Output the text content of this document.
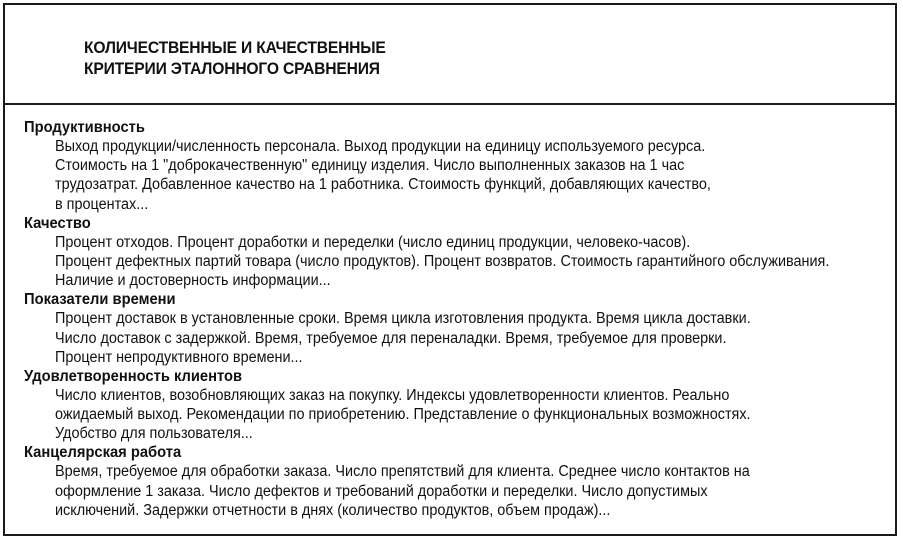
КОЛИЧЕСТВЕННЫЕ И КАЧЕСТВЕННЫЕ
КРИТЕРИИ ЭТАЛОННОГО СРАВНЕНИЯ
Продуктивность
Выход продукции/численность персонала. Выход продукции на единицу используемого ресурса.
Стоимость на 1 "доброкачественную" единицу изделия. Число выполненных заказов на 1 час
трудозатрат. Добавленное качество на 1 работника. Стоимость функций, добавляющих качество,
в процентах...
Качество
Процент отходов. Процент доработки и переделки (число единиц продукции, человеко-часов).
Процент дефектных партий товара (число продуктов). Процент возвратов. Стоимость гарантийного обслуживания.
Наличие и достоверность информации...
Показатели времени
Процент доставок в установленные сроки. Время цикла изготовления продукта. Время цикла доставки.
Число доставок с задержкой. Время, требуемое для переналадки. Время, требуемое для проверки.
Процент непродуктивного времени...
Удовлетворенность клиентов
Число клиентов, возобновляющих заказ на покупку. Индексы удовлетворенности клиентов. Реально
ожидаемый выход. Рекомендации по приобретению. Представление о функциональных возможностях.
Удобство для пользователя...
Канцелярская работа
Время, требуемое для обработки заказа. Число препятствий для клиента. Среднее число контактов на
оформление 1 заказа. Число дефектов и требований доработки и переделки. Число допустимых
исключений. Задержки отчетности в днях (количество продуктов, объем продаж)...
